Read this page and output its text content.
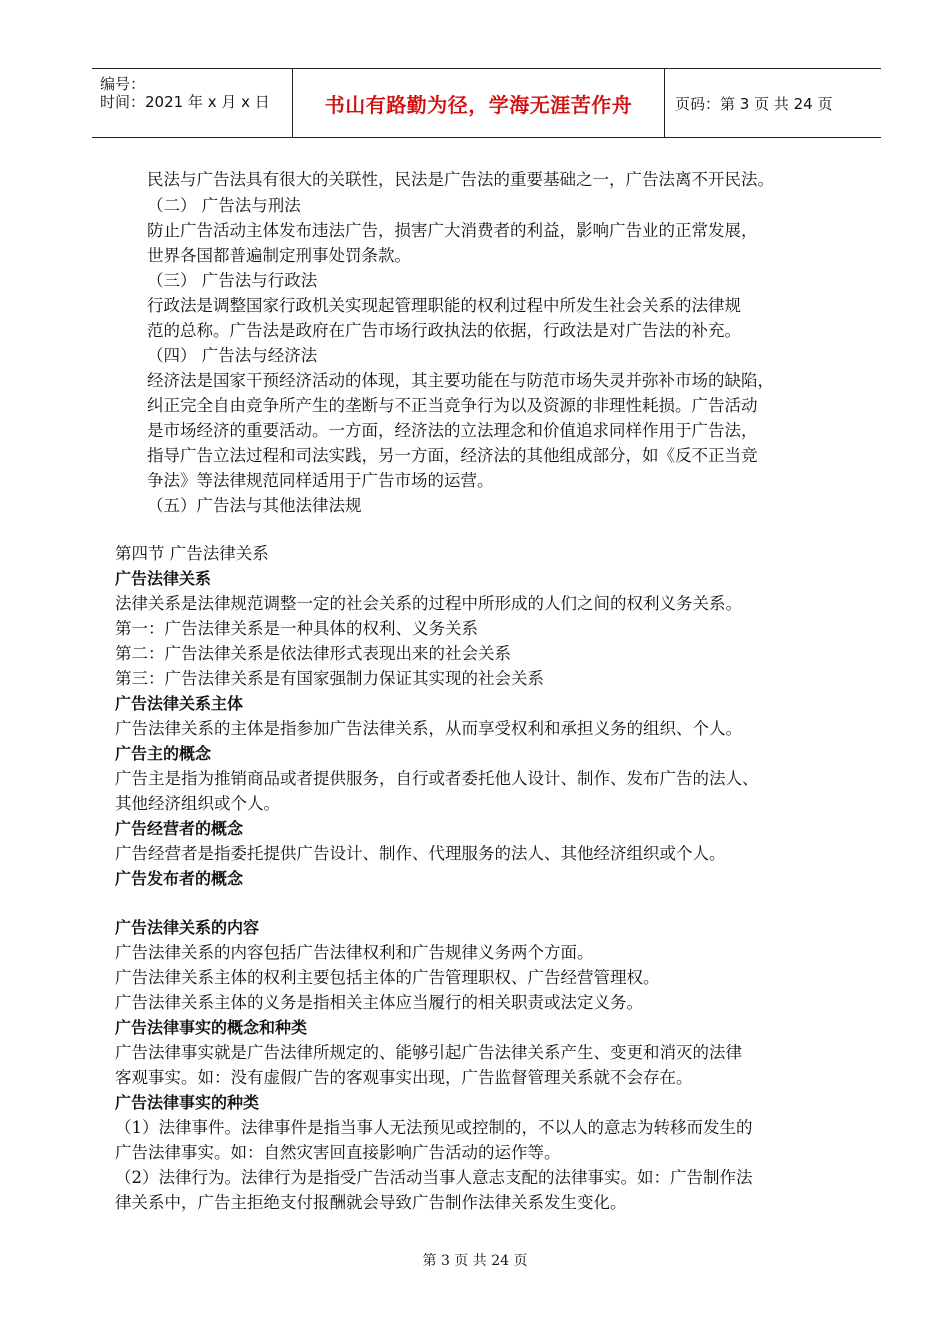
编号：
时间：2021 年 x 月 x 日	书山有路勤为径，学海无涯苦作舟	页码：第 3 页 共 24 页
民法与广告法具有很大的关联性，民法是广告法的重要基础之一，广告法离不开民法。
（二） 广告法与刑法
防止广告活动主体发布违法广告，损害广大消费者的利益，影响广告业的正常发展，
世界各国都普遍制定刑事处罚条款。
（三） 广告法与行政法
行政法是调整国家行政机关实现起管理职能的权利过程中所发生社会关系的法律规
范的总称。广告法是政府在广告市场行政执法的依据，行政法是对广告法的补充。
（四） 广告法与经济法
经济法是国家干预经济活动的体现，其主要功能在与防范市场失灵并弥补市场的缺陷，
纠正完全自由竞争所产生的垄断与不正当竞争行为以及资源的非理性耗损。广告活动
是市场经济的重要活动。一方面，经济法的立法理念和价值追求同样作用于广告法，
指导广告立法过程和司法实践，另一方面，经济法的其他组成部分，如《反不正当竞
争法》等法律规范同样适用于广告市场的运营。
（五）广告法与其他法律法规
第四节 广告法律关系
广告法律关系
法律关系是法律规范调整一定的社会关系的过程中所形成的人们之间的权利义务关系。
第一：广告法律关系是一种具体的权利、义务关系
第二：广告法律关系是依法律形式表现出来的社会关系
第三：广告法律关系是有国家强制力保证其实现的社会关系
广告法律关系主体
广告法律关系的主体是指参加广告法律关系，从而享受权利和承担义务的组织、个人。
广告主的概念
广告主是指为推销商品或者提供服务，自行或者委托他人设计、制作、发布广告的法人、
其他经济组织或个人。
广告经营者的概念
广告经营者是指委托提供广告设计、制作、代理服务的法人、其他经济组织或个人。
广告发布者的概念
广告法律关系的内容
广告法律关系的内容包括广告法律权利和广告规律义务两个方面。
广告法律关系主体的权利主要包括主体的广告管理职权、广告经营管理权。
广告法律关系主体的义务是指相关主体应当履行的相关职责或法定义务。
广告法律事实的概念和种类
广告法律事实就是广告法律所规定的、能够引起广告法律关系产生、变更和消灭的法律
客观事实。如：没有虚假广告的客观事实出现，广告监督管理关系就不会存在。
广告法律事实的种类
（1）法律事件。法律事件是指当事人无法预见或控制的，不以人的意志为转移而发生的
广告法律事实。如：自然灾害回直接影响广告活动的运作等。
（2）法律行为。法律行为是指受广告活动当事人意志支配的法律事实。如：广告制作法
律关系中，广告主拒绝支付报酬就会导致广告制作法律关系发生变化。
第 3 页 共 24 页
